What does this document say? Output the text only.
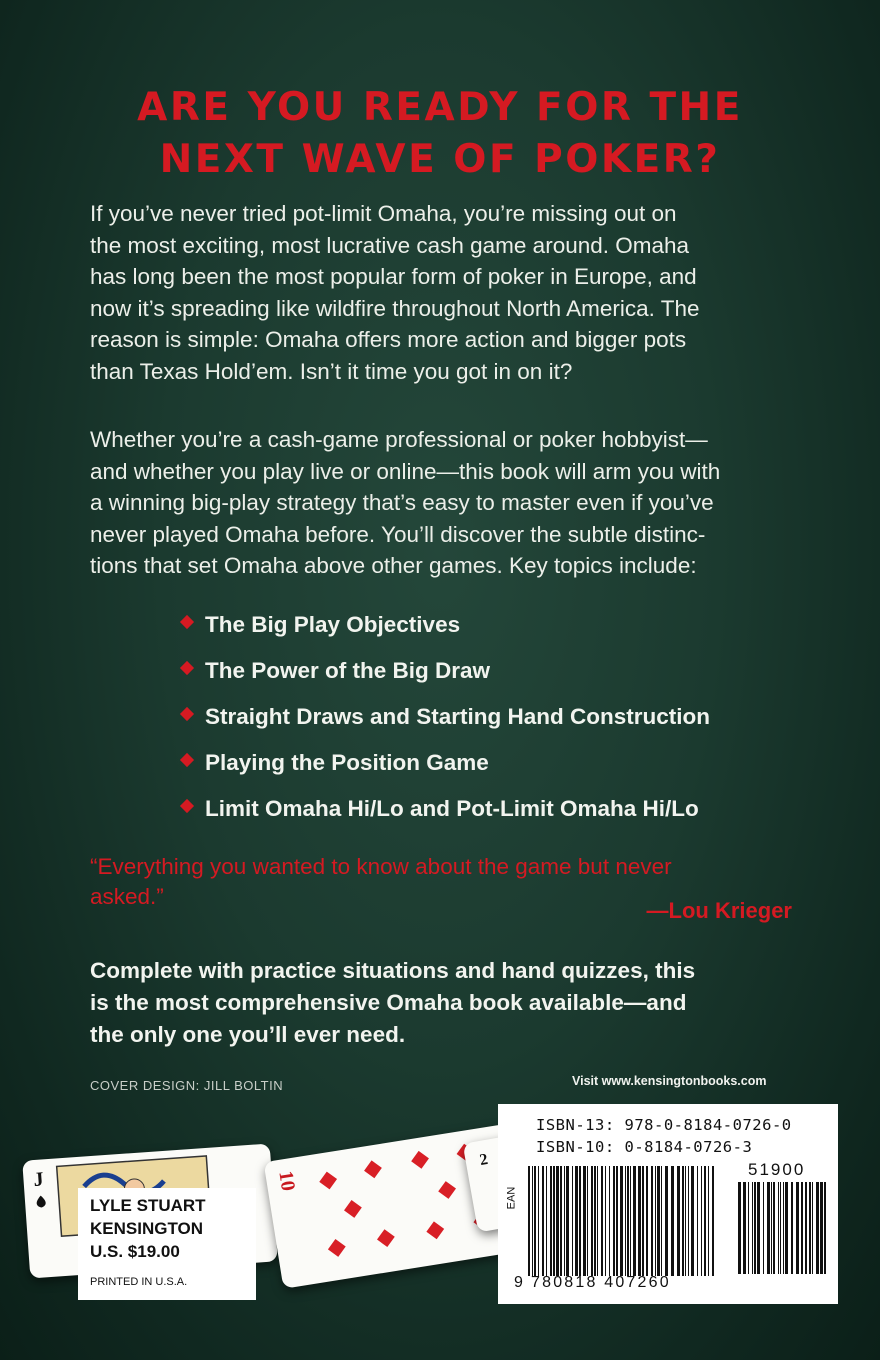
ARE YOU READY FOR THE
NEXT WAVE OF POKER?
If you’ve never tried pot-limit Omaha, you’re missing out on
the most exciting, most lucrative cash game around. Omaha
has long been the most popular form of poker in Europe, and
now it’s spreading like wildfire throughout North America. The
reason is simple: Omaha offers more action and bigger pots
than Texas Hold’em. Isn’t it time you got in on it?
Whether you’re a cash-game professional or poker hobbyist—
and whether you play live or online—this book will arm you with
a winning big-play strategy that’s easy to master even if you’ve
never played Omaha before. You’ll discover the subtle distinc-
tions that set Omaha above other games. Key topics include:
The Big Play Objectives
The Power of the Big Draw
Straight Draws and Starting Hand Construction
Playing the Position Game
Limit Omaha Hi/Lo and Pot-Limit Omaha Hi/Lo
“Everything you wanted to know about the game but never
asked.”
—Lou Krieger
Complete with practice situations and hand quizzes, this
is the most comprehensive Omaha book available—and
the only one you’ll ever need.
COVER DESIGN: JILL BOLTIN	Visit www.kensingtonbooks.com
J	10
2
LYLE STUART
KENSINGTON
U.S. $19.00
PRINTED IN U.S.A.
ISBN-13: 978-0-8184-0726-0
ISBN-10: 0-8184-0726-3
EAN
51900
9 780818 407260
